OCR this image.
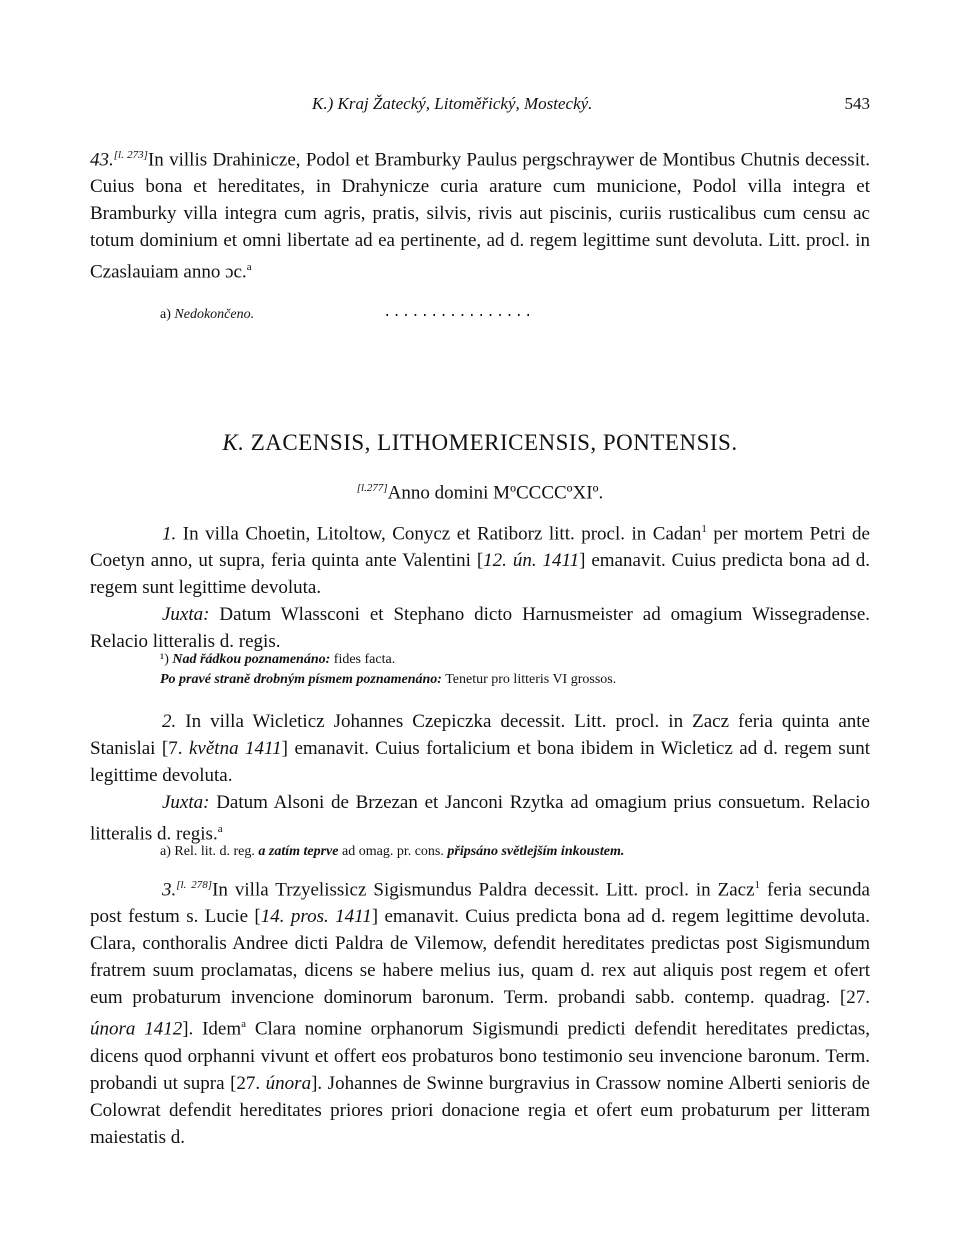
K.) Kraj Žatecký, Litoměřický, Mostecký.	543

43.[l. 273]In villis Drahinicze, Podol et Bramburky Paulus pergschraywer de Montibus Chutnis decessit. Cuius bona et hereditates, in Drahynicze curia arature cum municione, Podol villa integra et Bramburky villa integra cum agris, pratis, silvis, rivis aut piscinis, curiis rusticalibus cum censu ac totum dominium et omni libertate ad ea pertinente, ad d. regem legittime sunt devoluta. Litt. procl. in Czaslauiam anno ɔc.$^a$

a) Nedokončeno.	................
K. ZACENSIS, LITHOMERICENSIS, PONTENSIS.
[l.277]Anno domini MºCCCCºXIº.

1. In villa Choetin, Litoltow, Conycz et Ratiborz litt. procl. in Cadan$^1$ per mortem Petri de Coetyn anno, ut supra, feria quinta ante Valentini [12. ún. 1411] emanavit. Cuius predicta bona ad d. regem sunt legittime devoluta.

Juxta: Datum Wlassconi et Stephano dicto Harnusmeister ad omagium Wissegradense. Relacio litteralis d. regis.

¹) Nad řádkou poznamenáno: fides facta.

Po pravé straně drobným písmem poznamenáno: Tenetur pro litteris VI grossos.

2. In villa Wicleticz Johannes Czepiczka decessit. Litt. procl. in Zacz feria quinta ante Stanislai [7. května 1411] emanavit. Cuius fortalicium et bona ibidem in Wicleticz ad d. regem sunt legittime devoluta.

Juxta: Datum Alsoni de Brzezan et Janconi Rzytka ad omagium prius consuetum. Relacio litteralis d. regis.$^a$

a) Rel. lit. d. reg. a zatím teprve ad omag. pr. cons. připsáno světlejším inkoustem.

3.[l. 278]In villa Trzyelissicz Sigismundus Paldra decessit. Litt. procl. in Zacz$^1$ feria secunda post festum s. Lucie [14. pros. 1411] emanavit. Cuius predicta bona ad d. regem legittime devoluta. Clara, conthoralis Andree dicti Paldra de Vilemow, defendit hereditates predictas post Sigismundum fratrem suum proclamatas, dicens se habere melius ius, quam d. rex aut aliquis post regem et ofert eum probaturum invencione dominorum baronum. Term. probandi sabb. contemp. quadrag. [27. února 1412]. Idem$^a$ Clara nomine orphanorum Sigismundi predicti defendit hereditates predictas, dicens quod orphanni vivunt et offert eos probaturos bono testimonio seu invencione baronum. Term. probandi ut supra [27. února]. Johannes de Swinne burgravius in Crassow nomine Alberti senioris de Colowrat defendit hereditates priores priori donacione regia et ofert eum probaturum per litteram maiestatis d.
